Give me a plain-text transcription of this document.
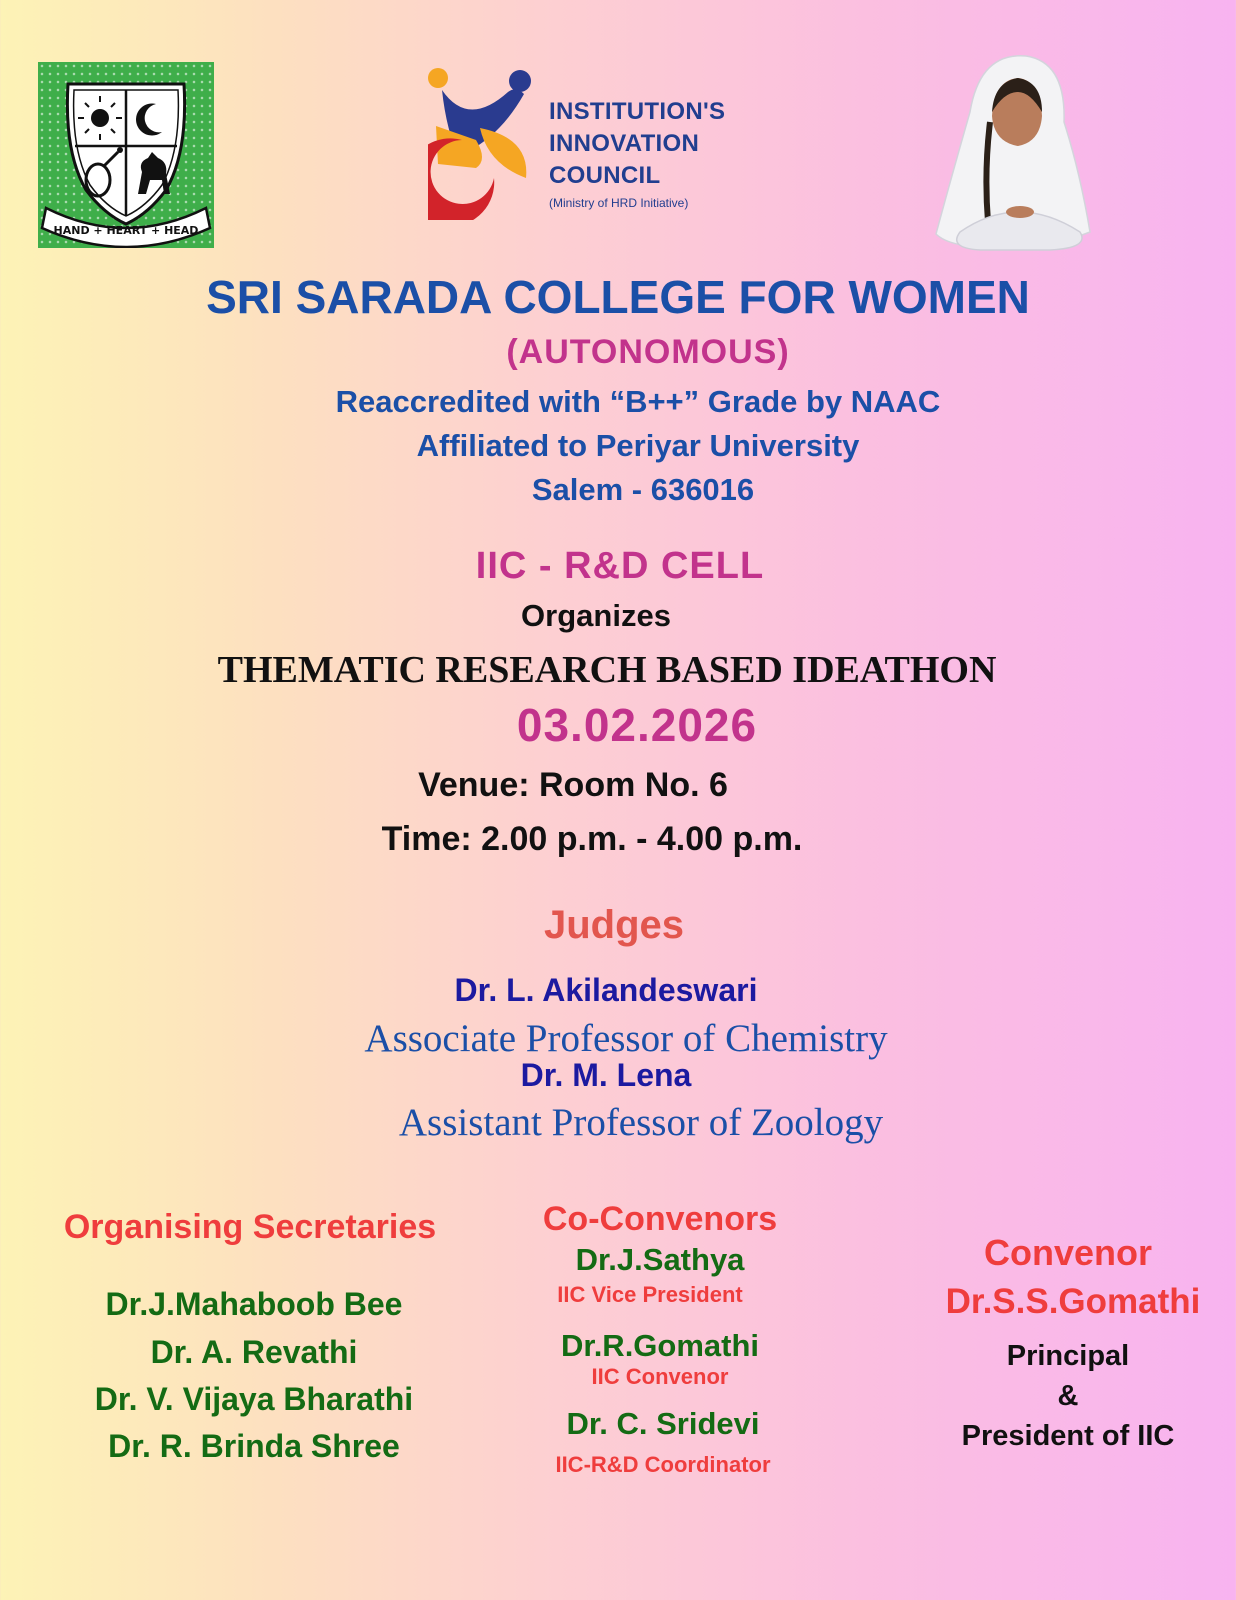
HAND + HEART + HEAD
INSTITUTION'S
INNOVATION
COUNCIL
(Ministry of HRD Initiative)
SRI SARADA COLLEGE FOR WOMEN
(AUTONOMOUS)
Reaccredited with “B++” Grade by NAAC
Affiliated to Periyar University
Salem - 636016
IIC - R&D CELL
Organizes
THEMATIC RESEARCH BASED IDEATHON
03.02.2026
Venue: Room No. 6
Time: 2.00 p.m. - 4.00 p.m.
Judges
Dr. L. Akilandeswari
Associate Professor of Chemistry
Dr. M. Lena
Assistant Professor of Zoology
Organising Secretaries
Dr.J.Mahaboob Bee
Dr. A. Revathi
Dr. V. Vijaya Bharathi
Dr. R. Brinda Shree
Co-Convenors
Dr.J.Sathya
IIC Vice President
Dr.R.Gomathi
IIC Convenor
Dr. C. Sridevi
IIC-R&D Coordinator
Convenor
Dr.S.S.Gomathi
Principal
&
President of IIC
